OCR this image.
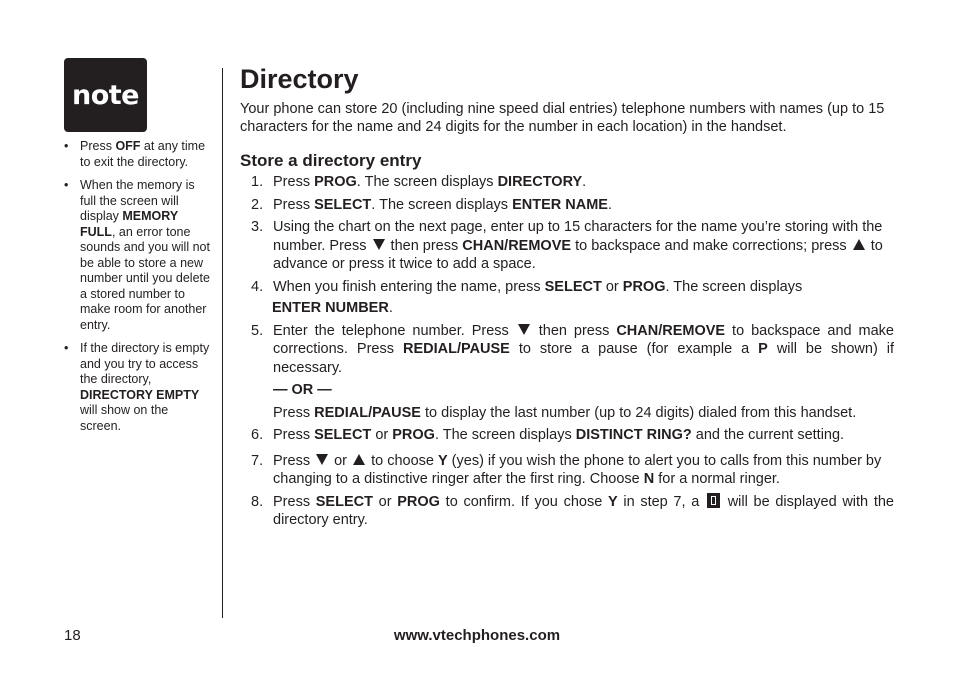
note
• Press OFF at any time to exit the directory.
• When the memory is full the screen will display MEMORY FULL, an error tone sounds and you will not be able to store a new number until you delete a stored number to make room for another entry.
• If the directory is empty and you try to access the directory, DIRECTORY EMPTY will show on the screen.
Directory

Your phone can store 20 (including nine speed dial entries) telephone numbers with names (up to 15 characters for the name and 24 digits for the number in each location) in the handset.

Store a directory entry
1. Press PROG. The screen displays DIRECTORY.
2. Press SELECT. The screen displays ENTER NAME.
3. Using the chart on the next page, enter up to 15 characters for the name you’re storing with the number. Press  then press CHAN/REMOVE to backspace and make corrections; press  to advance or press it twice to add a space.
4. When you finish entering the name, press SELECT or PROG. The screen displays
ENTER NUMBER.
5. Enter the telephone number. Press  then press CHAN/REMOVE to backspace and make corrections. Press REDIAL/PAUSE to store a pause (for example a P will be shown) if necessary.
— OR —
Press REDIAL/PAUSE to display the last number (up to 24 digits) dialed from this handset.
6. Press SELECT or PROG. The screen displays DISTINCT RING? and the current setting.
7. Press  or  to choose Y (yes) if you wish the phone to alert you to calls from this number by changing to a distinctive ringer after the first ring. Choose N for a normal ringer.
8. Press SELECT or PROG to confirm. If you chose Y in step 7, a  will be displayed with the directory entry.
18	www.vtechphones.com
